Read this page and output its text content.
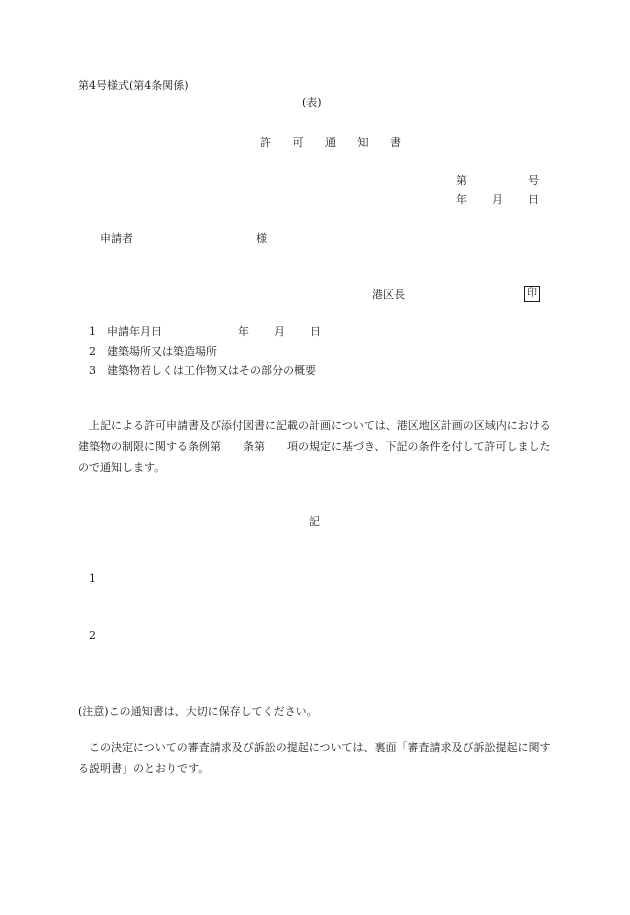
第4号様式(第4条関係)
(表)
許 可 通 知 書
第	号
年 月 日
申請者	様
港区長	印
1 申請年月日	年 月 日
2 建築場所又は築造場所
3 建築物若しくは工作物又はその部分の概要
上記による許可申請書及び添付図書に記載の計画については、港区地区計画の区域内における建築物の制限に関する条例第　　条第　　項の規定に基づき、下記の条件を付して許可しましたので通知します。
記
1
2
(注意)この通知書は、大切に保存してください。
この決定についての審査請求及び訴訟の提起については、裏面「審査請求及び訴訟提起に関する説明書」のとおりです。
